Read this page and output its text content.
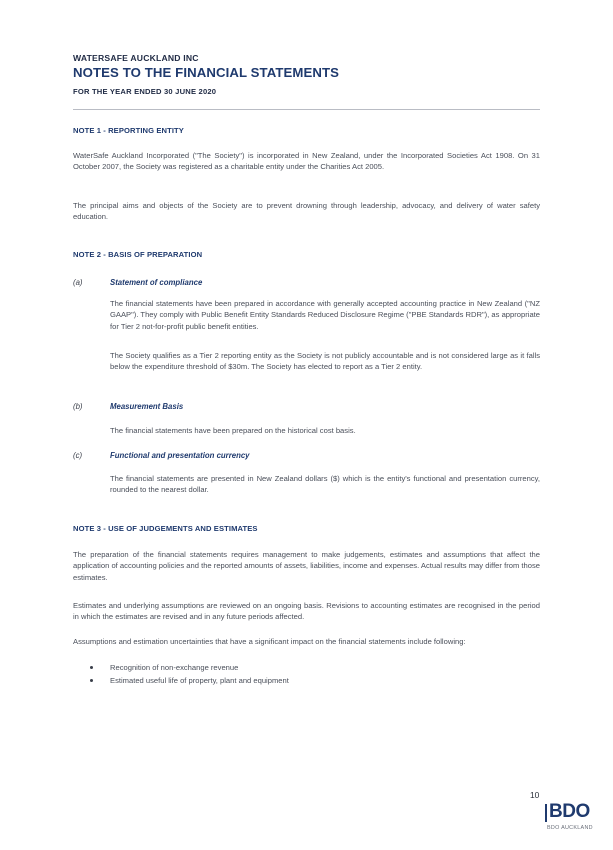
WATERSAFE AUCKLAND INC
NOTES TO THE FINANCIAL STATEMENTS
FOR THE YEAR ENDED 30 JUNE 2020
NOTE 1 - REPORTING ENTITY
WaterSafe Auckland Incorporated ("The Society") is incorporated in New Zealand, under the Incorporated Societies Act 1908. On 31 October 2007, the Society was registered as a charitable entity under the Charities Act 2005.
The principal aims and objects of the Society are to prevent drowning through leadership, advocacy, and delivery of water safety education.
NOTE 2 - BASIS OF PREPARATION
(a)	Statement of compliance
The financial statements have been prepared in accordance with generally accepted accounting practice in New Zealand ("NZ GAAP"). They comply with Public Benefit Entity Standards Reduced Disclosure Regime ("PBE Standards RDR"), as appropriate for Tier 2 not-for-profit public benefit entities.
The Society qualifies as a Tier 2 reporting entity as the Society is not publicly accountable and is not considered large as it falls below the expenditure threshold of $30m. The Society has elected to report as a Tier 2 entity.
(b)	Measurement Basis
The financial statements have been prepared on the historical cost basis.
(c)	Functional and presentation currency
The financial statements are presented in New Zealand dollars ($) which is the entity's functional and presentation currency, rounded to the nearest dollar.
NOTE 3 - USE OF JUDGEMENTS AND ESTIMATES
The preparation of the financial statements requires management to make judgements, estimates and assumptions that affect the application of accounting policies and the reported amounts of assets, liabilities, income and expenses. Actual results may differ from those estimates.
Estimates and underlying assumptions are reviewed on an ongoing basis. Revisions to accounting estimates are recognised in the period in which the estimates are revised and in any future periods affected.
Assumptions and estimation uncertainties that have a significant impact on the financial statements include following:
Recognition of non-exchange revenue
Estimated useful life of property, plant and equipment
10
BDO
BDO AUCKLAND
